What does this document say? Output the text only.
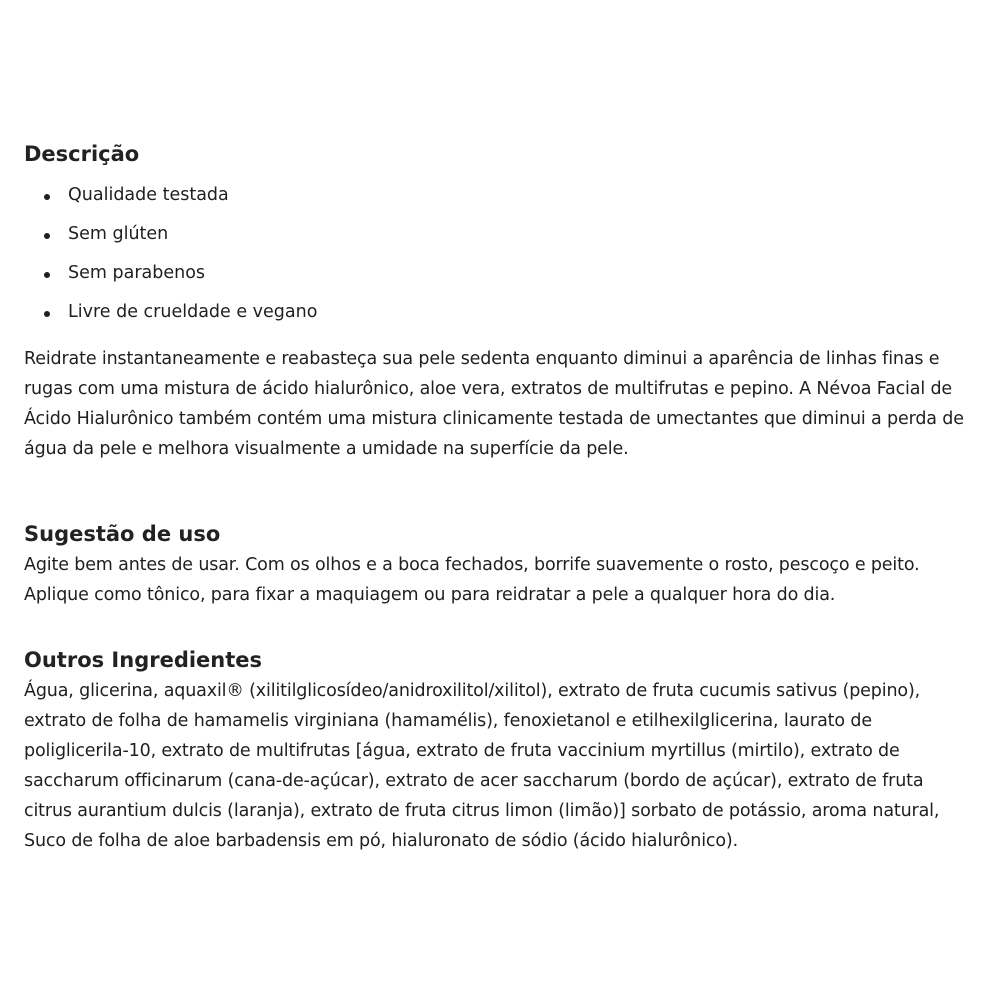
Descrição
Qualidade testada
Sem glúten
Sem parabenos
Livre de crueldade e vegano

Reidrate instantaneamente e reabasteça sua pele sedenta enquanto diminui a aparência de linhas finas e rugas com uma mistura de ácido hialurônico, aloe vera, extratos de multifrutas e pepino. A Névoa Facial de Ácido Hialurônico também contém uma mistura clinicamente testada de umectantes que diminui a perda de água da pele e melhora visualmente a umidade na superfície da pele.

Sugestão de uso

Agite bem antes de usar. Com os olhos e a boca fechados, borrife suavemente o rosto, pescoço e peito. Aplique como tônico, para fixar a maquiagem ou para reidratar a pele a qualquer hora do dia.

Outros Ingredientes

Água, glicerina, aquaxil® (xilitilglicosídeo/anidroxilitol/xilitol), extrato de fruta cucumis sativus (pepino), extrato de folha de hamamelis virginiana (hamamélis), fenoxietanol e etilhexilglicerina, laurato de poliglicerila-10, extrato de multifrutas [água, extrato de fruta vaccinium myrtillus (mirtilo), extrato de saccharum officinarum (cana-de-açúcar), extrato de acer saccharum (bordo de açúcar), extrato de fruta citrus aurantium dulcis (laranja), extrato de fruta citrus limon (limão)] sorbato de potássio, aroma natural, Suco de folha de aloe barbadensis em pó, hialuronato de sódio (ácido hialurônico).
